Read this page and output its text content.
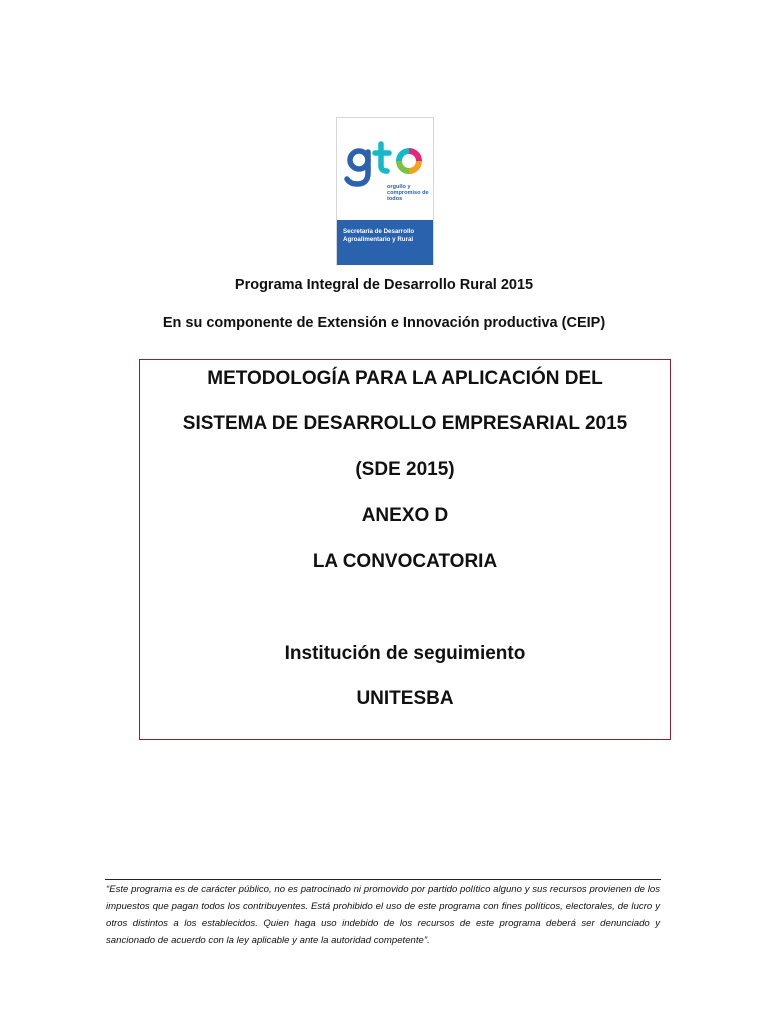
orgullo y compromiso de todos
Secretaría de Desarrollo Agroalimentario y Rural
Programa Integral de Desarrollo Rural 2015
En su componente de Extensión e Innovación productiva (CEIP)
METODOLOGÍA PARA LA APLICACIÓN DEL
SISTEMA DE DESARROLLO EMPRESARIAL 2015
(SDE 2015)
ANEXO D
LA CONVOCATORIA
Institución de seguimiento
UNITESBA
“Este programa es de carácter público, no es patrocinado ni promovido por partido político alguno y sus recursos provienen de los impuestos que pagan todos los contribuyentes. Está prohibido el uso de este programa con fines políticos, electorales, de lucro y otros distintos a los establecidos. Quien haga uso indebido de los recursos de este programa deberá ser denunciado y sancionado de acuerdo con la ley aplicable y ante la autoridad competente”.
